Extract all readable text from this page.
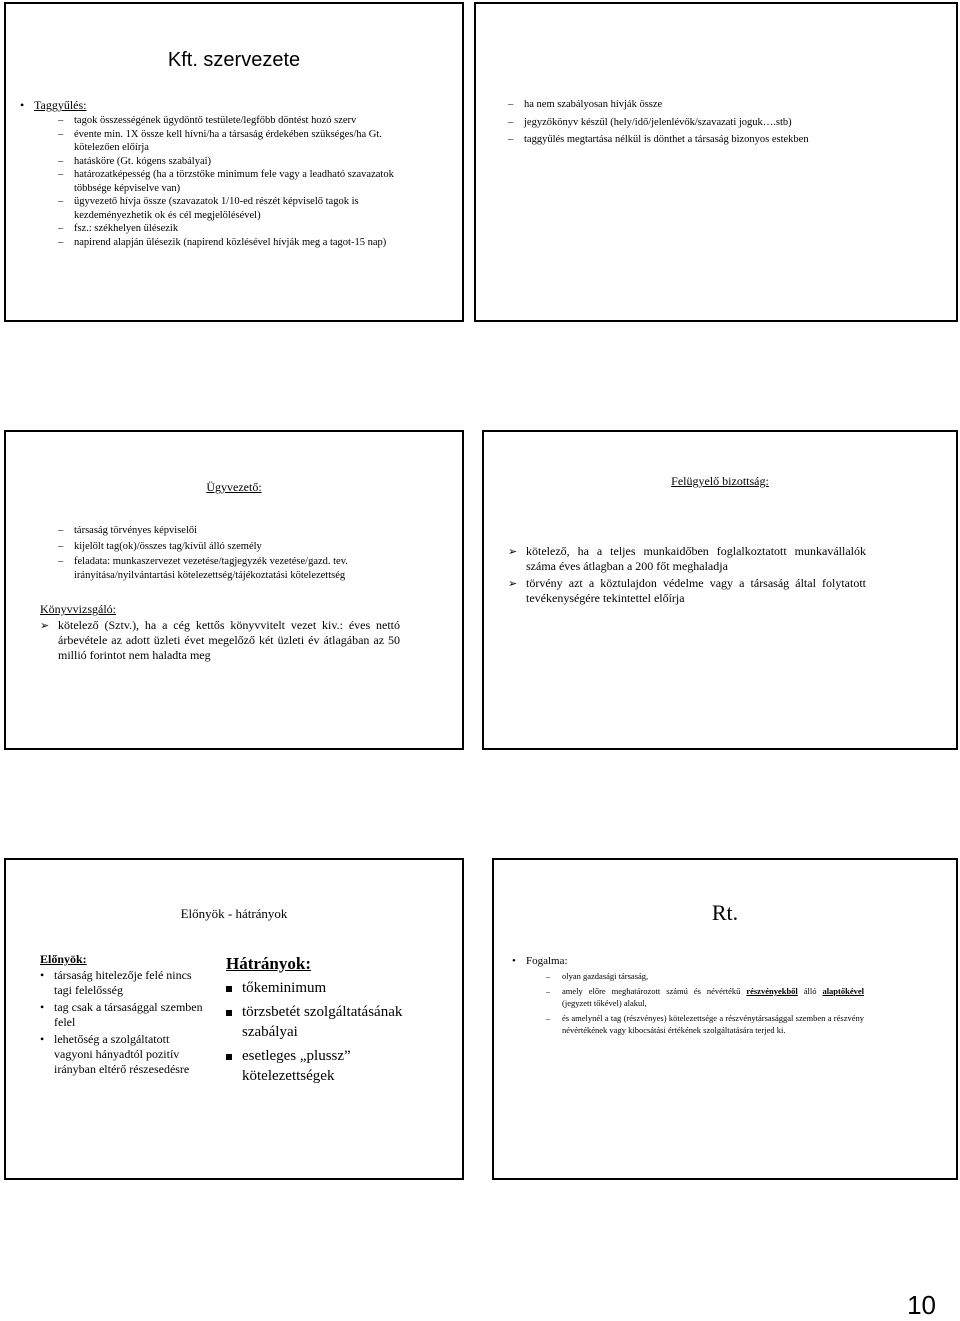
Kft. szervezete
• Taggyűlés:
– tagok összességének ügydöntő testülete/legfőbb döntést hozó szerv
– évente min. 1X össze kell hívni/ha a társaság érdekében szükséges/ha Gt. kötelezően előírja
– hatásköre (Gt. kógens szabályai)
– határozatképesség (ha a törzstőke minimum fele vagy a leadható szavazatok többsége képviselve van)
– ügyvezető hívja össze (szavazatok 1/10-ed részét képviselő tagok is kezdeményezhetik ok és cél megjelölésével)
– fsz.: székhelyen ülésezik
– napirend alapján ülésezik (napirend közlésével hívják meg a tagot-15 nap)
– ha nem szabályosan hívják össze
– jegyzőkönyv készül (hely/idő/jelenlévők/szavazati joguk….stb)
– taggyűlés megtartása nélkül is dönthet a társaság bizonyos estekben
Ügyvezető:
– társaság törvényes képviselői
– kijelölt tag(ok)/összes tag/kívül álló személy
– feladata: munkaszervezet vezetése/tagjegyzék vezetése/gazd. tev. irányítása/nyilvántartási kötelezettség/tájékoztatási kötelezettség
Könyvvizsgáló:
➢ kötelező (Sztv.), ha a cég kettős könyvvitelt vezet kiv.: éves nettó árbevétele az adott üzleti évet megelőző két üzleti év átlagában az 50 millió forintot nem haladta meg
Felügyelő bizottság:
➢ kötelező, ha a teljes munkaidőben foglalkoztatott munkavállalók száma éves átlagban a 200 főt meghaladja
➢ törvény azt a köztulajdon védelme vagy a társaság által folytatott tevékenységére tekintettel előírja
Előnyök - hátrányok
Előnyök:
• társaság hitelezője felé nincs tagi felelősség
• tag csak a társasággal szemben felel
• lehetőség a szolgáltatott vagyoni hányadtól pozitív irányban eltérő részesedésre
Hátrányok:
tőkeminimum
törzsbetét szolgáltatásának szabályai
esetleges „plussz” kötelezettségek
Rt.
• Fogalma:
– olyan gazdasági társaság,
– amely előre meghatározott számú és névértékű részvényekből álló alaptőkével (jegyzett tőkével) alakul,
– és amelynél a tag (részvényes) kötelezettsége a részvénytársasággal szemben a részvény névértékének vagy kibocsátási értékének szolgáltatására terjed ki.
10
